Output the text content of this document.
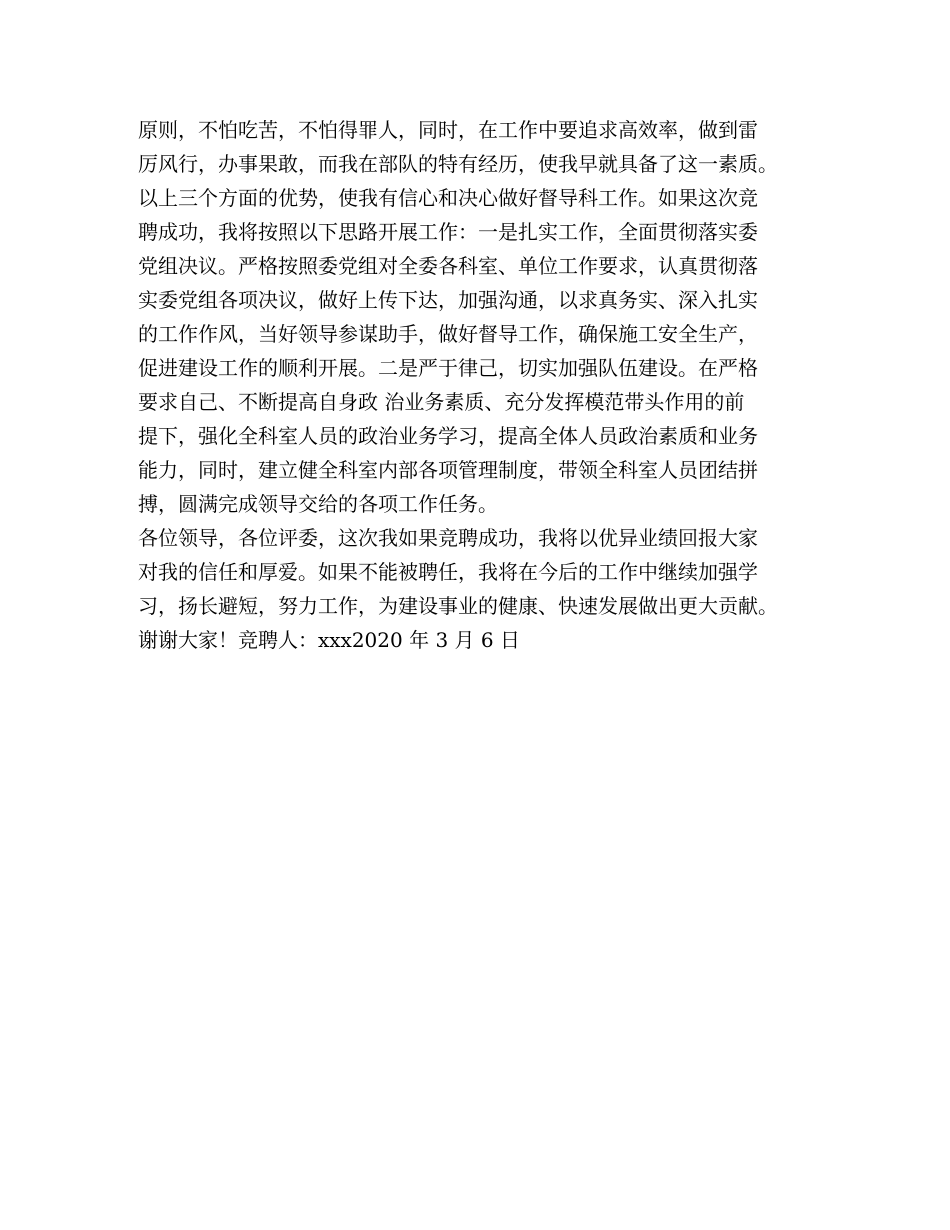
原则，不怕吃苦，不怕得罪人，同时，在工作中要追求高效率，做到雷
厉风行，办事果敢，而我在部队的特有经历，使我早就具备了这一素质。
以上三个方面的优势，使我有信心和决心做好督导科工作。如果这次竞
聘成功，我将按照以下思路开展工作：一是扎实工作，全面贯彻落实委
党组决议。严格按照委党组对全委各科室、单位工作要求，认真贯彻落
实委党组各项决议，做好上传下达，加强沟通，以求真务实、深入扎实
的工作作风，当好领导参谋助手，做好督导工作，确保施工安全生产，
促进建设工作的顺利开展。二是严于律己，切实加强队伍建设。在严格
要求自己、不断提高自身政 治业务素质、充分发挥模范带头作用的前
提下，强化全科室人员的政治业务学习，提高全体人员政治素质和业务
能力，同时，建立健全科室内部各项管理制度，带领全科室人员团结拼
搏，圆满完成领导交给的各项工作任务。
各位领导，各位评委，这次我如果竞聘成功，我将以优异业绩回报大家
对我的信任和厚爱。如果不能被聘任，我将在今后的工作中继续加强学
习，扬长避短，努力工作，为建设事业的健康、快速发展做出更大贡献。
谢谢大家！竞聘人：xxx2020 年 3 月 6 日
